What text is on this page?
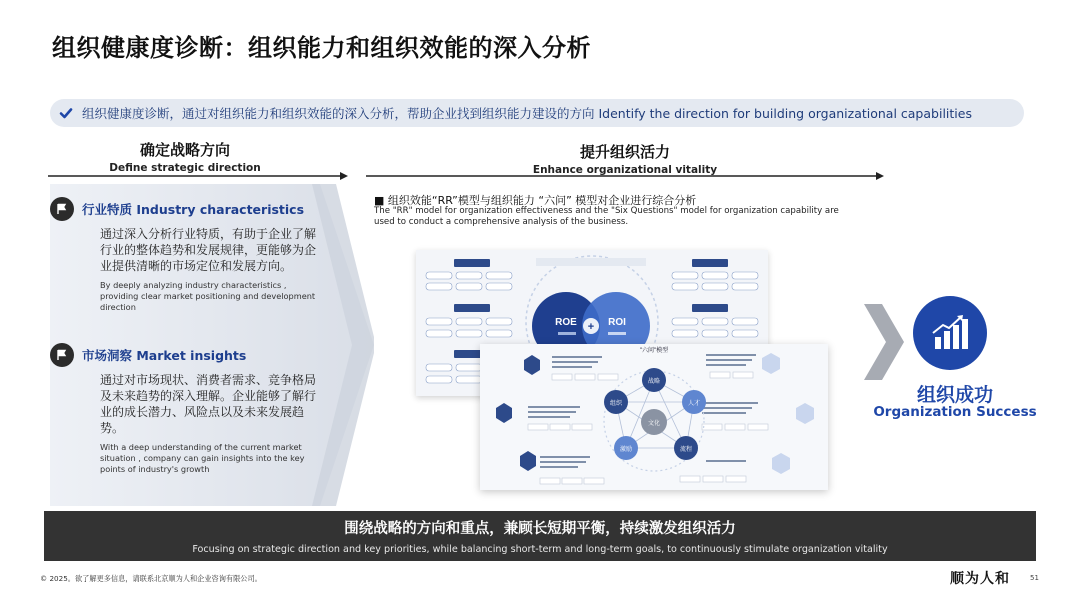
组织健康度诊断：组织能力和组织效能的深入分析
组织健康度诊断，通过对组织能力和组织效能的深入分析，帮助企业找到组织能力建设的方向 Identify the direction for building organizational capabilities
确定战略方向
Define strategic direction
提升组织活力
Enhance organizational vitality
行业特质 Industry characteristics
通过深入分析行业特质，有助于企业了解行业的整体趋势和发展规律，更能够为企业提供清晰的市场定位和发展方向。
By deeply analyzing industry characteristics , providing clear market positioning and development direction
市场洞察 Market insights
通过对市场现状、消费者需求、竞争格局及未来趋势的深入理解。企业能够了解行业的成长潜力、风险点以及未来发展趋势。
With a deep understanding of the current market situation , company can gain insights into the key points of industry's growth
■ 组织效能“RR”模型与组织能力 “六问” 模型对企业进行综合分析
The "RR" model for organization effectiveness and the "Six Questions" model for organization capability are used to conduct a comprehensive analysis of the business.
+
ROE	ROI
"六问"模型
战略
组织	人才
激励	流程
文化
组织成功
Organization Success
围绕战略的方向和重点，兼顾长短期平衡，持续激发组织活力
Focusing on strategic direction and key priorities, while balancing short-term and long-term goals, to continuously stimulate organization vitality
© 2025。欲了解更多信息，请联系北京顺为人和企业咨询有限公司。	顺为人和	51
